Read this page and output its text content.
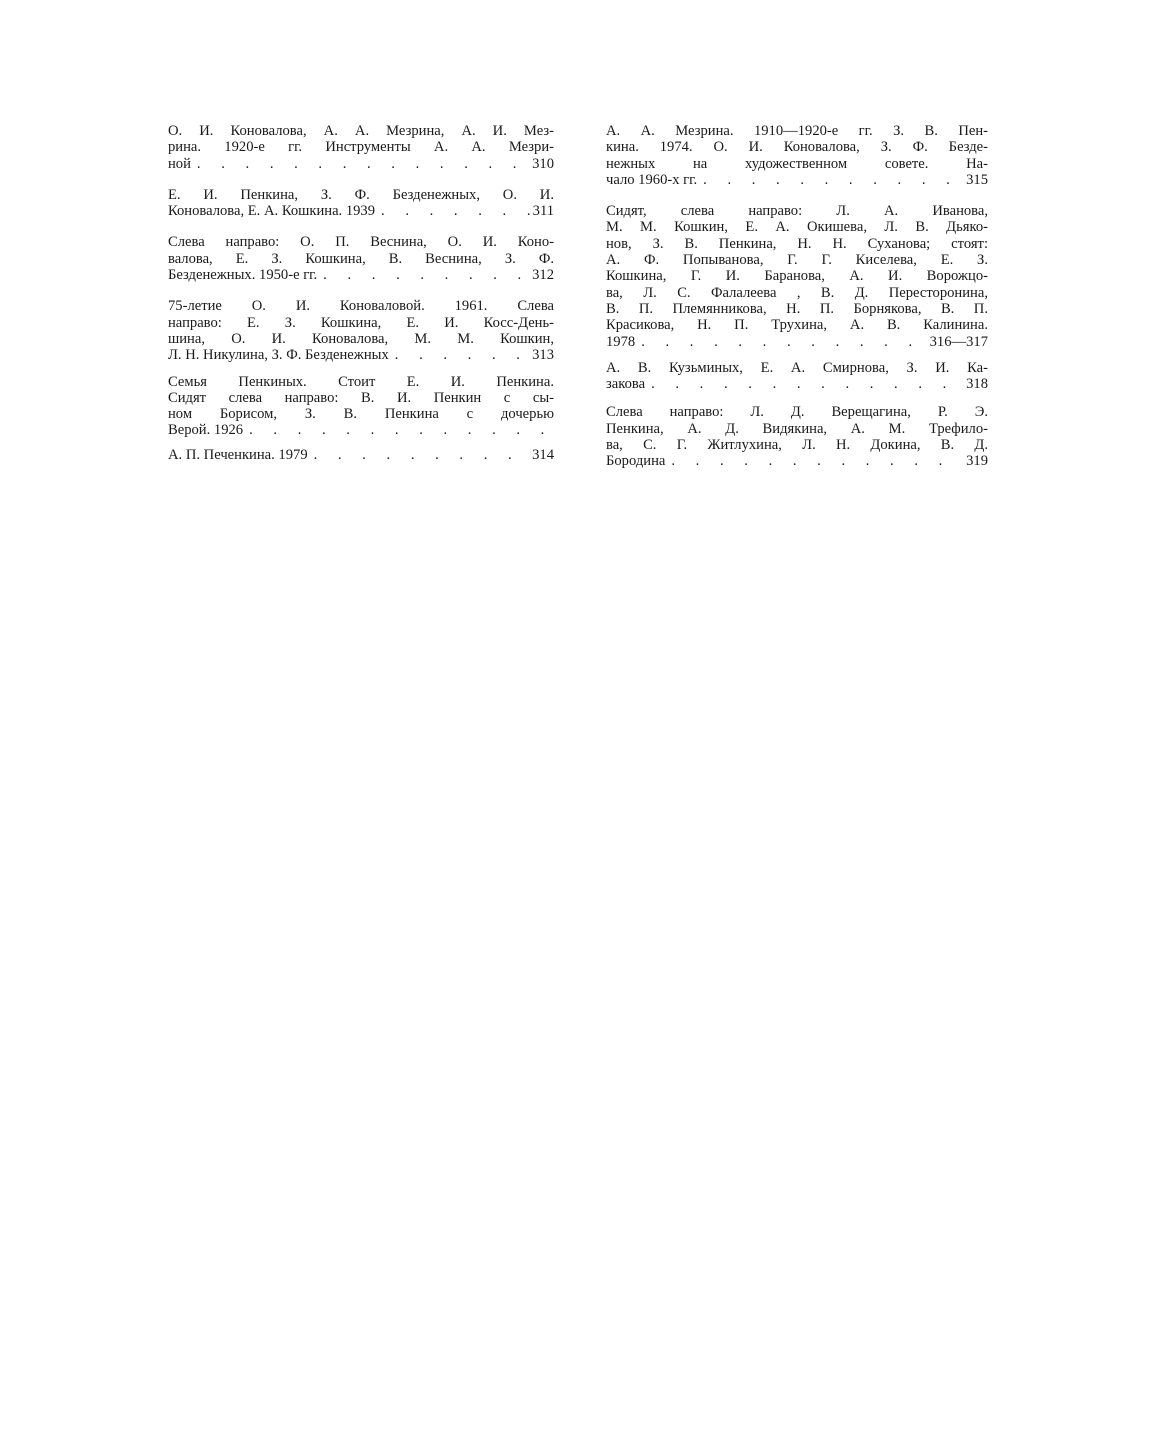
О. И. Коновалова, А. А. Мезрина, А. И. Мез-
рина. 1920-е гг. Инструменты А. А. Мезри-
ной . . .	310
Е. И. Пенкина, З. Ф. Безденежных, О. И.
Коновалова, Е. А. Кошкина. 1939 . . .	311
Слева направо: О. П. Веснина, О. И. Коно-
валова, Е. З. Кошкина, В. Веснина, З. Ф.
Безденежных. 1950-е гг. . . .	312
75-летие О. И. Коноваловой. 1961. Слева
направо: Е. З. Кошкина, Е. И. Косс-День-
шина, О. И. Коновалова, М. М. Кошкин,
Л. Н. Никулина, З. Ф. Безденежных . . .	313
Семья Пенкиных. Стоит Е. И. Пенкина.
Сидят слева направо: В. И. Пенкин с сы-
ном Борисом, З. В. Пенкина с дочерью
Верой. 1926
. . .
А. П. Печенкина. 1979 . . .	314
А. А. Мезрина. 1910—1920-е гг. З. В. Пен-
кина. 1974. О. И. Коновалова, З. Ф. Безде-
нежных на художественном совете. На-
чало 1960-х гг. . . .	315
Сидят, слева направо: Л. А. Иванова,
М. М. Кошкин, Е. А. Окишева, Л. В. Дьяко-
нов, З. В. Пенкина, Н. Н. Суханова; стоят:
А. Ф. Попыванова, Г. Г. Киселева, Е. З.
Кошкина, Г. И. Баранова, А. И. Ворожцо-
ва, Л. С. Фалалеева , В. Д. Пересторонина,
В. П. Племянникова, Н. П. Борнякова, В. П.
Красикова, Н. П. Трухина, А. В. Калинина.
1978 . . .	316—317
А. В. Кузьминых, Е. А. Смирнова, З. И. Ка-
закова . . .	318
Слева направо: Л. Д. Верещагина, Р. Э.
Пенкина, А. Д. Видякина, А. М. Трефило-
ва, С. Г. Житлухина, Л. Н. Докина, В. Д.
Бородина . . .	319
